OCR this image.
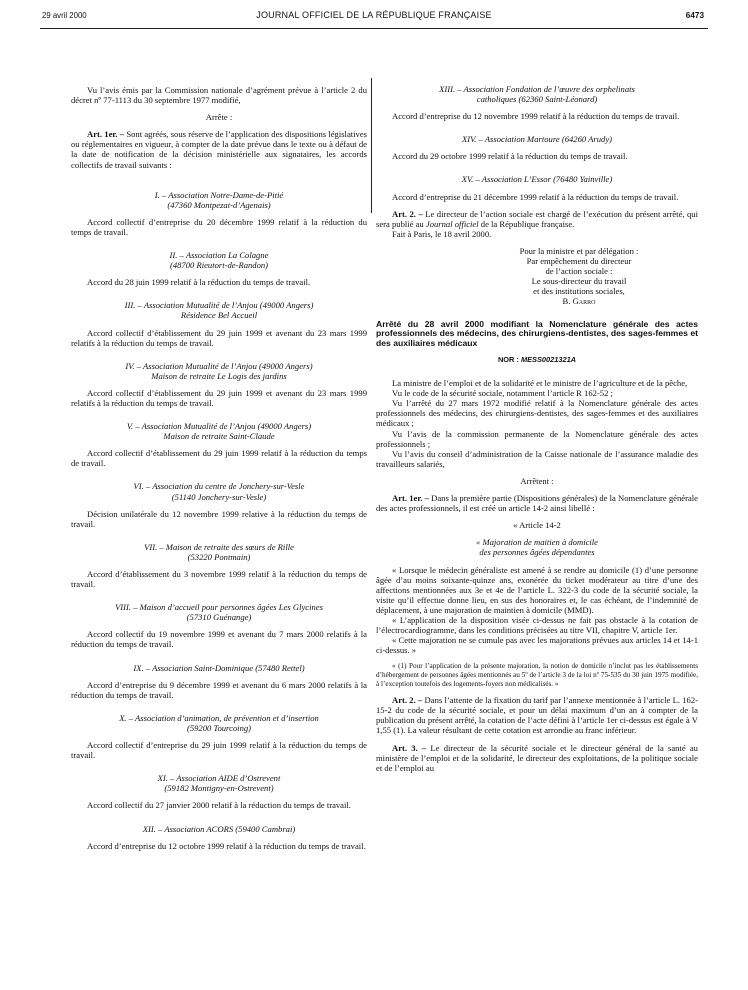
29 avril 2000	JOURNAL OFFICIEL DE LA RÉPUBLIQUE FRANÇAISE	6473

Vu l’avis émis par la Commission nationale d’agrément prévue à l’article 2 du décret nº 77-1113 du 30 septembre 1977 modifié,

Arrête :

Art. 1er. – Sont agréés, sous réserve de l’application des dispositions législatives ou réglementaires en vigueur, à compter de la date prévue dans le texte ou à défaut de la date de notification de la décision ministérielle aux signataires, les accords collectifs de travail suivants :

I. – Association Notre-Dame-de-Pitié

(47360 Montpezat-d’Agenais)

Accord collectif d’entreprise du 20 décembre 1999 relatif à la réduction du temps de travail.

II. – Association La Colagne

(48700 Rieutort-de-Randon)

Accord du 28 juin 1999 relatif à la réduction du temps de travail.

III. – Association Mutualité de l’Anjou (49000 Angers)

Résidence Bel Accueil

Accord collectif d’établissement du 29 juin 1999 et avenant du 23 mars 1999 relatifs à la réduction du temps de travail.

IV. – Association Mutualité de l’Anjou (49000 Angers)

Maison de retraite Le Logis des jardins

Accord collectif d’établissement du 29 juin 1999 et avenant du 23 mars 1999 relatifs à la réduction du temps de travail.

V. – Association Mutualité de l’Anjou (49000 Angers)

Maison de retraite Saint-Claude

Accord collectif d’établissement du 29 juin 1999 relatif à la réduction du temps de travail.

VI. – Association du centre de Jonchery-sur-Vesle

(51140 Jonchery-sur-Vesle)

Décision unilatérale du 12 novembre 1999 relative à la réduction du temps de travail.

VII. – Maison de retraite des sœurs de Rille

(53220 Pontmain)

Accord d’établissement du 3 novembre 1999 relatif à la réduction du temps de travail.

VIII. – Maison d’accueil pour personnes âgées Les Glycines

(57310 Guénange)

Accord collectif du 19 novembre 1999 et avenant du 7 mars 2000 relatifs à la réduction du temps de travail.

IX. – Association Saint-Dominique (57480 Rettel)

Accord d’entreprise du 9 décembre 1999 et avenant du 6 mars 2000 relatifs à la réduction du temps de travail.

X. – Association d’animation, de prévention et d’insertion

(59200 Tourcoing)

Accord collectif d’entreprise du 29 juin 1999 relatif à la réduction du temps de travail.

XI. – Association AIDE d’Ostrevent

(59182 Montigny-en-Ostrevent)

Accord collectif du 27 janvier 2000 relatif à la réduction du temps de travail.

XII. – Association ACORS (59400 Cambrai)

Accord d’entreprise du 12 octobre 1999 relatif à la réduction du temps de travail.

XIII. – Association Fondation de l’œuvre des orphelinats

catholiques (62360 Saint-Léonard)

Accord d’entreprise du 12 novembre 1999 relatif à la réduction du temps de travail.

XIV. – Association Martoure (64260 Arudy)

Accord du 29 octobre 1999 relatif à la réduction du temps de travail.

XV. – Association L’Essor (76480 Yainville)

Accord d’entreprise du 21 décembre 1999 relatif à la réduction du temps de travail.

Art. 2. – Le directeur de l’action sociale est chargé de l’exécution du présent arrêté, qui sera publié au Journal officiel de la République française.

Fait à Paris, le 18 avril 2000.

Pour la ministre et par délégation :

Par empêchement du directeur

de l’action sociale :

Le sous-directeur du travail

et des institutions sociales,

B. Garro

Arrêté du 28 avril 2000 modifiant la Nomenclature générale des actes professionnels des médecins, des chirurgiens-dentistes, des sages-femmes et des auxiliaires médicaux

NOR : MESS0021321A

La ministre de l’emploi et de la solidarité et le ministre de l’agriculture et de la pêche,

Vu le code de la sécurité sociale, notamment l’article R 162-52 ;

Vu l’arrêté du 27 mars 1972 modifié relatif à la Nomenclature générale des actes professionnels des médecins, des chirurgiens-dentistes, des sages-femmes et des auxiliaires médicaux ;

Vu l’avis de la commission permanente de la Nomenclature générale des actes professionnels ;

Vu l’avis du conseil d’administration de la Caisse nationale de l’assurance maladie des travailleurs salariés,

Arrêtent :

Art. 1er. – Dans la première partie (Dispositions générales) de la Nomenclature générale des actes professionnels, il est créé un article 14-2 ainsi libellé :

« Article 14-2

« Majoration de maitien à domicile

des personnes âgées dépendantes

« Lorsque le médecin généraliste est amené à se rendre au domicile (1) d’une personne âgée d’au moins soixante-quinze ans, exonérée du ticket modérateur au titre d’une des affections mentionnées aux 3e et 4e de l’article L. 322-3 du code de la sécurité sociale, la visite qu’il effectue donne lieu, en sus des honoraires et, le cas échéant, de l’indemnité de déplacement, à une majoration de maintien à domicile (MMD).

« L’application de la disposition visée ci-dessus ne fait pas obstacle à la cotation de l’électrocardiogramme, dans les conditions précisées au titre VII, chapitre V, article 1er.

« Cette majoration ne se cumule pas avec les majorations prévues aux articles 14 et 14-1 ci-dessus. »

« (1) Pour l’application de la présente majoration, la notion de domicile n’inclut pas les établissements d’hébergement de personnes âgées mentionnés au 5º de l’article 3 de la loi nº 75-535 du 30 juin 1975 modifiée, à l’exception toutefois des logements-foyers non médicalisés. »

Art. 2. – Dans l’attente de la fixation du tarif par l’annexe mentionnée à l’article L. 162-15-2 du code de la sécurité sociale, et pour un délai maximum d’un an à compter de la publication du présent arrêté, la cotation de l’acte défini à l’article 1er ci-dessus est égale à V 1,55 (1). La valeur résultant de cette cotation est arrondie au franc inférieur.

Art. 3. – Le directeur de la sécurité sociale et le directeur général de la santé au ministère de l’emploi et de la solidarité, le directeur des exploitations, de la politique sociale et de l’emploi au
